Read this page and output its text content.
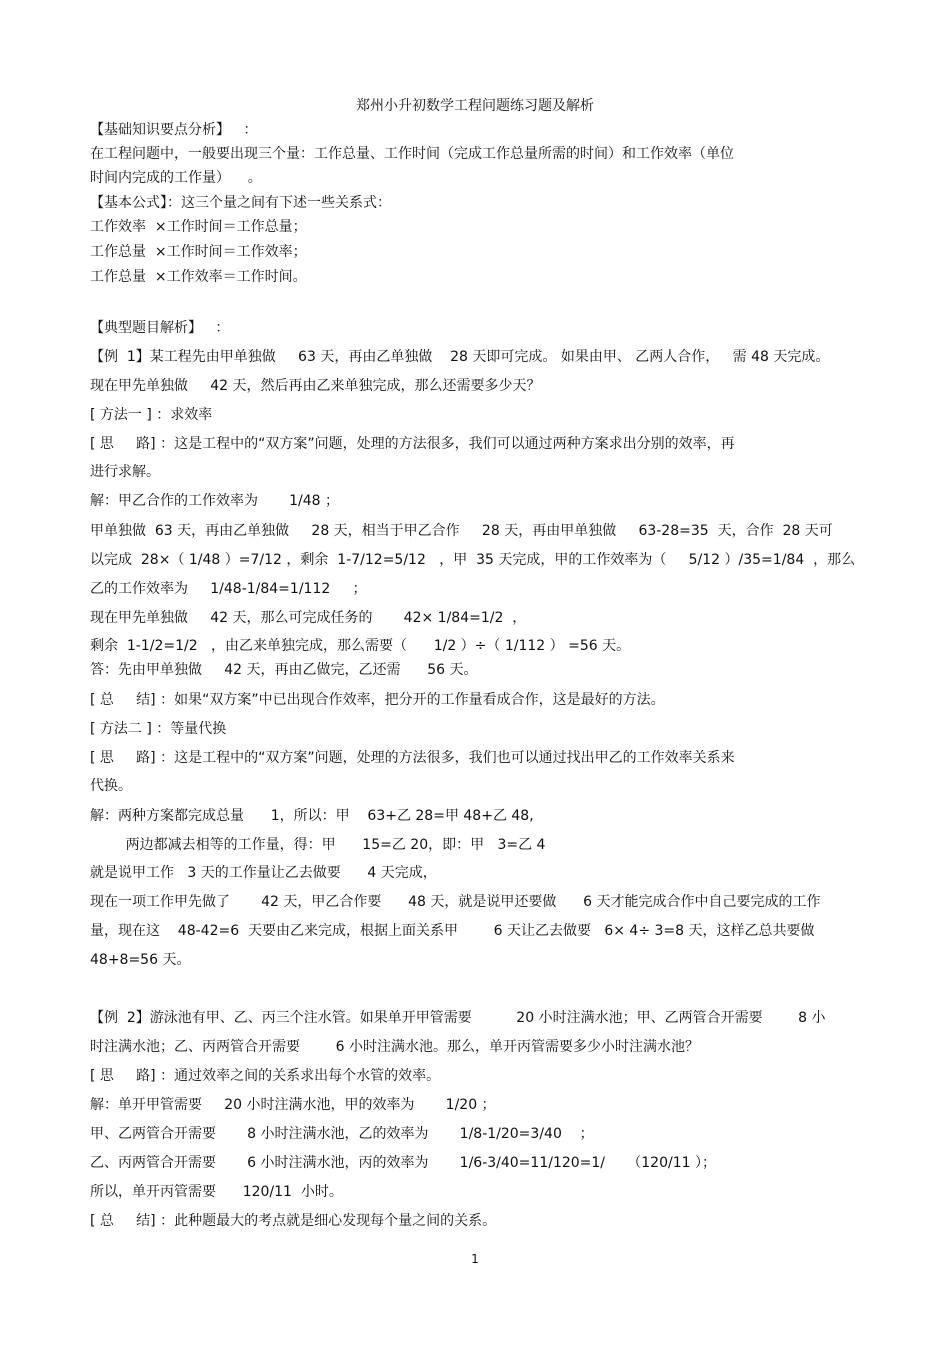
郑州小升初数学工程问题练习题及解析
【基础知识要点分析】   ：
在工程问题中，一般要出现三个量：工作总量、工作时间（完成工作总量所需的时间）和工作效率（单位
时间内完成的工作量）    。
【基本公式】：这三个量之间有下述一些关系式：
工作效率  ×工作时间＝工作总量；
工作总量  ×工作时间＝工作效率；
工作总量  ×工作效率＝工作时间。
【典型题目解析】   ：
【例  1】某工程先由甲单独做     63 天，再由乙单独做    28 天即可完成。 如果由甲、 乙两人合作，   需 48 天完成。
现在甲先单独做     42 天，然后再由乙来单独完成，那么还需要多少天？
[ 方法一 ] ：求效率
[ 思     路] ：这是工程中的“双方案”问题，处理的方法很多，我们可以通过两种方案求出分别的效率，再
进行求解。
解：甲乙合作的工作效率为       1/48 ；
甲单独做  63 天，再由乙单独做     28 天，相当于甲乙合作     28 天，再由甲单独做     63-28=35  天，合作  28 天可
以完成  28×（ 1/48 ）=7/12 ，剩余  1-7/12=5/12   ，甲  35 天完成，甲的工作效率为（     5/12 ）/35=1/84  ，那么
乙的工作效率为     1/48-1/84=1/112     ；
现在甲先单独做     42 天，那么可完成任务的       42× 1/84=1/2  ，
剩余  1-1/2=1/2   ，由乙来单独完成，那么需要（      1/2 ）÷（ 1/112 ） =56 天。
答：先由甲单独做     42 天，再由乙做完，乙还需      56 天。
[ 总     结] ：如果“双方案”中已出现合作效率，把分开的工作量看成合作，这是最好的方法。
[ 方法二 ] ：等量代换
[ 思     路] ：这是工程中的“双方案”问题，处理的方法很多，我们也可以通过找出甲乙的工作效率关系来
代换。
解：两种方案都完成总量      1，所以：甲    63+乙 28=甲 48+乙 48,
两边都减去相等的工作量，得：甲      15=乙 20，即：甲   3=乙 4
就是说甲工作   3 天的工作量让乙去做要      4 天完成，
现在一项工作甲先做了       42 天，甲乙合作要      48 天，就是说甲还要做      6 天才能完成合作中自己要完成的工作
量，现在这    48-42=6  天要由乙来完成，根据上面关系甲        6 天让乙去做要   6× 4÷ 3=8 天，这样乙总共要做
48+8=56 天。
【例  2】游泳池有甲、乙、丙三个注水管。如果单开甲管需要          20 小时注满水池；甲、乙两管合开需要        8 小
时注满水池；乙、丙两管合开需要        6 小时注满水池。那么，单开丙管需要多少小时注满水池？
[ 思     路] ：通过效率之间的关系求出每个水管的效率。
解：单开甲管需要     20 小时注满水池，甲的效率为       1/20 ；
甲、乙两管合开需要       8 小时注满水池，乙的效率为       1/8-1/20=3/40    ；
乙、丙两管合开需要       6 小时注满水池，丙的效率为       1/6-3/40=11/120=1/     （120/11 ）；
所以，单开丙管需要      120/11  小时。
[ 总     结] ：此种题最大的考点就是细心发现每个量之间的关系。
1
